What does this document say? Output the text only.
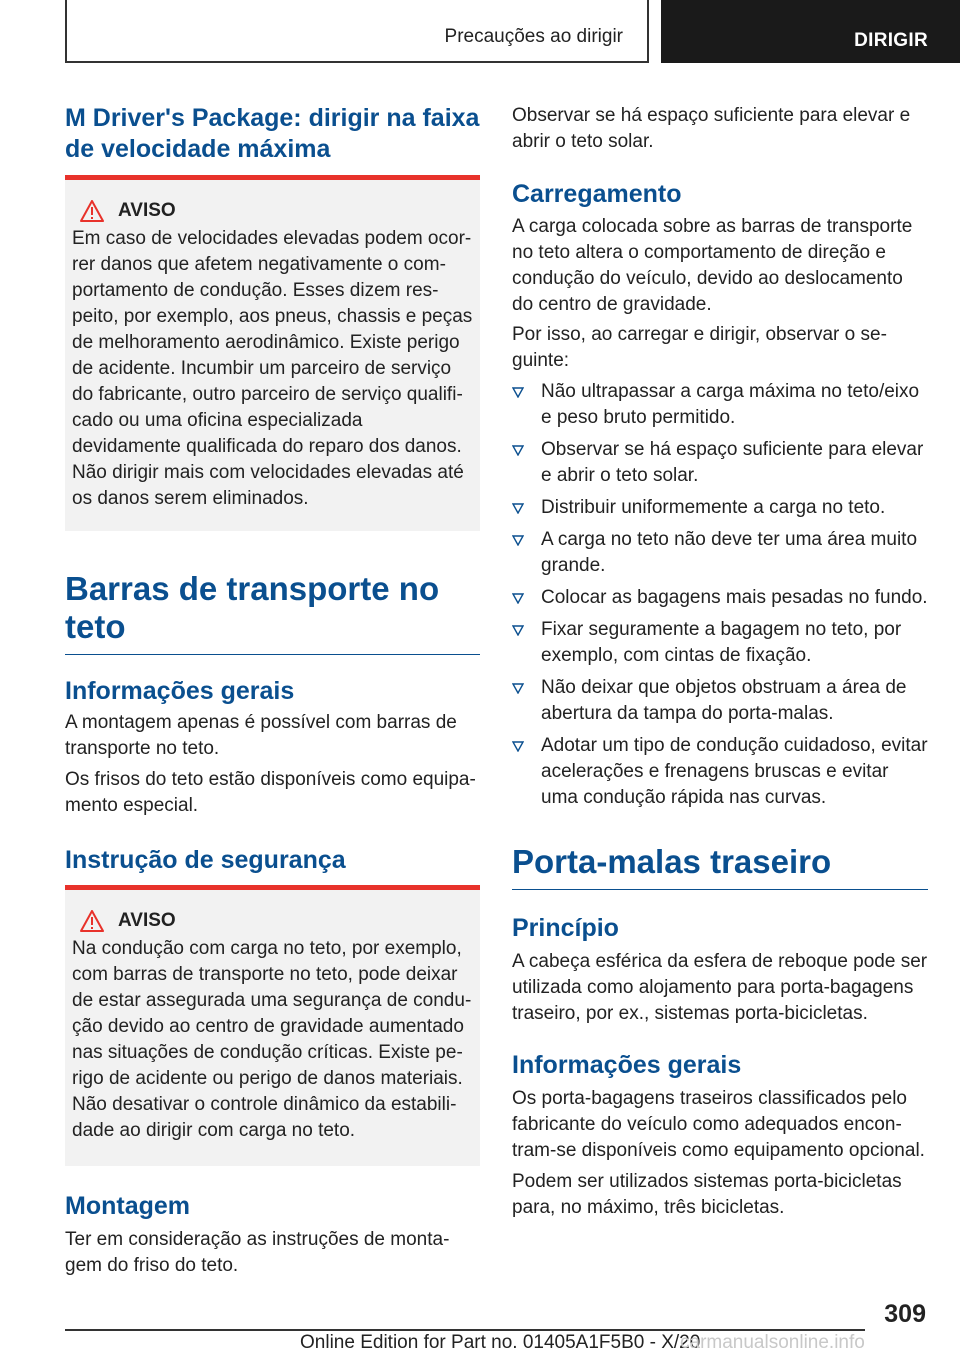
Precauções ao dirigir	DIRIGIR
M Driver's Package: dirigir na faixa de velocidade máxima
AVISO
Em caso de velocidades elevadas podem ocorrer danos que afetem negativamente o comportamento de condução. Esses dizem respeito, por exemplo, aos pneus, chassis e peças de melhoramento aerodinâmico. Existe perigo de acidente. Incumbir um parceiro de serviço do fabricante, outro parceiro de serviço qualificado ou uma oficina especializada devidamente qualificada do reparo dos danos. Não dirigir mais com velocidades elevadas até os danos serem eliminados.
Barras de transporte no teto
Informações gerais
A montagem apenas é possível com barras de transporte no teto.
Os frisos do teto estão disponíveis como equipamento especial.
Instrução de segurança
AVISO
Na condução com carga no teto, por exemplo, com barras de transporte no teto, pode deixar de estar assegurada uma segurança de condução devido ao centro de gravidade aumentado nas situações de condução críticas. Existe perigo de acidente ou perigo de danos materiais. Não desativar o controle dinâmico da estabilidade ao dirigir com carga no teto.
Montagem
Ter em consideração as instruções de montagem do friso do teto.
Observar se há espaço suficiente para elevar e abrir o teto solar.
Carregamento
A carga colocada sobre as barras de transporte no teto altera o comportamento de direção e condução do veículo, devido ao deslocamento do centro de gravidade.
Por isso, ao carregar e dirigir, observar o seguinte:
Não ultrapassar a carga máxima no teto/eixo e peso bruto permitido.
Observar se há espaço suficiente para elevar e abrir o teto solar.
Distribuir uniformemente a carga no teto.
A carga no teto não deve ter uma área muito grande.
Colocar as bagagens mais pesadas no fundo.
Fixar seguramente a bagagem no teto, por exemplo, com cintas de fixação.
Não deixar que objetos obstruam a área de abertura da tampa do porta-malas.
Adotar um tipo de condução cuidadoso, evitar acelerações e frenagens bruscas e evitar uma condução rápida nas curvas.
Porta-malas traseiro
Princípio
A cabeça esférica da esfera de reboque pode ser utilizada como alojamento para porta-bagagens traseiro, por ex., sistemas porta-bicicletas.
Informações gerais
Os porta-bagagens traseiros classificados pelo fabricante do veículo como adequados encontram-se disponíveis como equipamento opcional.
Podem ser utilizados sistemas porta-bicicletas para, no máximo, três bicicletas.
309
Online Edition for Part no. 01405A1F5B0 - X/20
carmanualsonline.info
